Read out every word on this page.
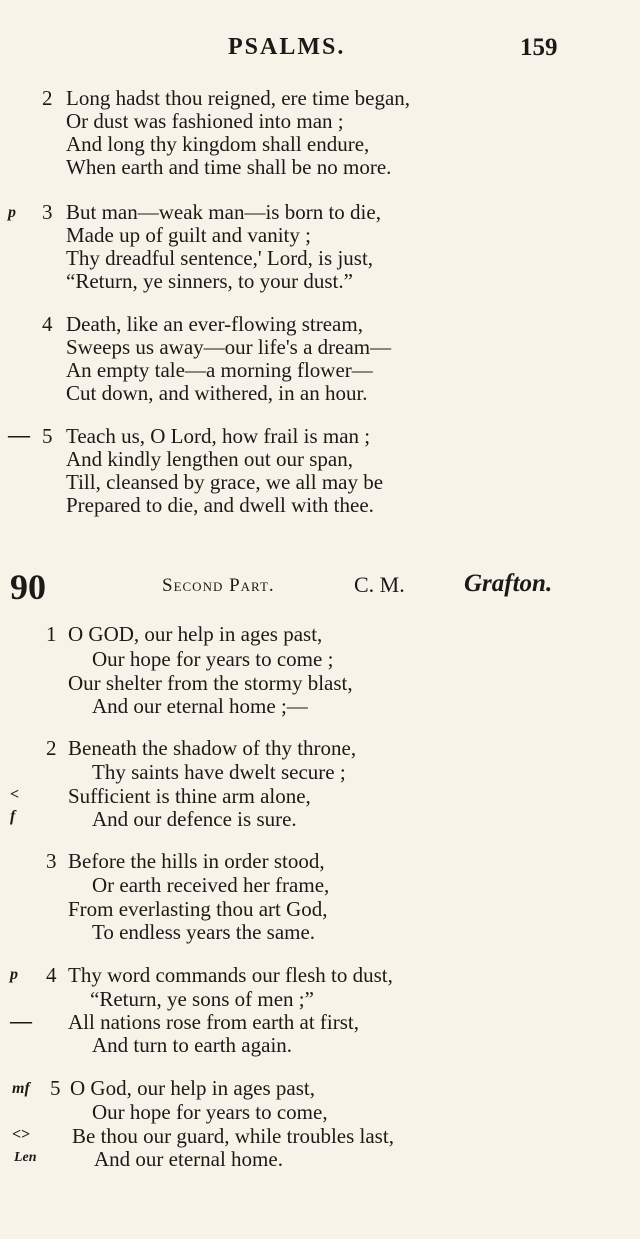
PSALMS.	159
2 Long hadst thou reigned, ere time began,
Or dust was fashioned into man ;
And long thy kingdom shall endure,
When earth and time shall be no more.
p 3 But man—weak man—is born to die,
Made up of guilt and vanity ;
Thy dreadful sentence,' Lord, is just,
“Return, ye sinners, to your dust.”
4 Death, like an ever-flowing stream,
Sweeps us away—our life's a dream—
An empty tale—a morning flower—
Cut down, and withered, in an hour.
— 5 Teach us, O Lord, how frail is man ;
And kindly lengthen out our span,
Till, cleansed by grace, we all may be
Prepared to die, and dwell with thee.
90	Second Part.	C. M. Grafton.
1 O GOD, our help in ages past,
Our hope for years to come ;
Our shelter from the stormy blast,
And our eternal home ;—
2 Beneath the shadow of thy throne,
Thy saints have dwelt secure ;
< Sufficient is thine arm alone,
f	And our defence is sure.
3 Before the hills in order stood,
Or earth received her frame,
From everlasting thou art God,
To endless years the same.
p 4 Thy word commands our flesh to dust,
“Return, ye sons of men ;”
— All nations rose from earth at first,
And turn to earth again.
mf 5 O God, our help in ages past,
Our hope for years to come,
<> Be thou our guard, while troubles last,
Len	And our eternal home.
